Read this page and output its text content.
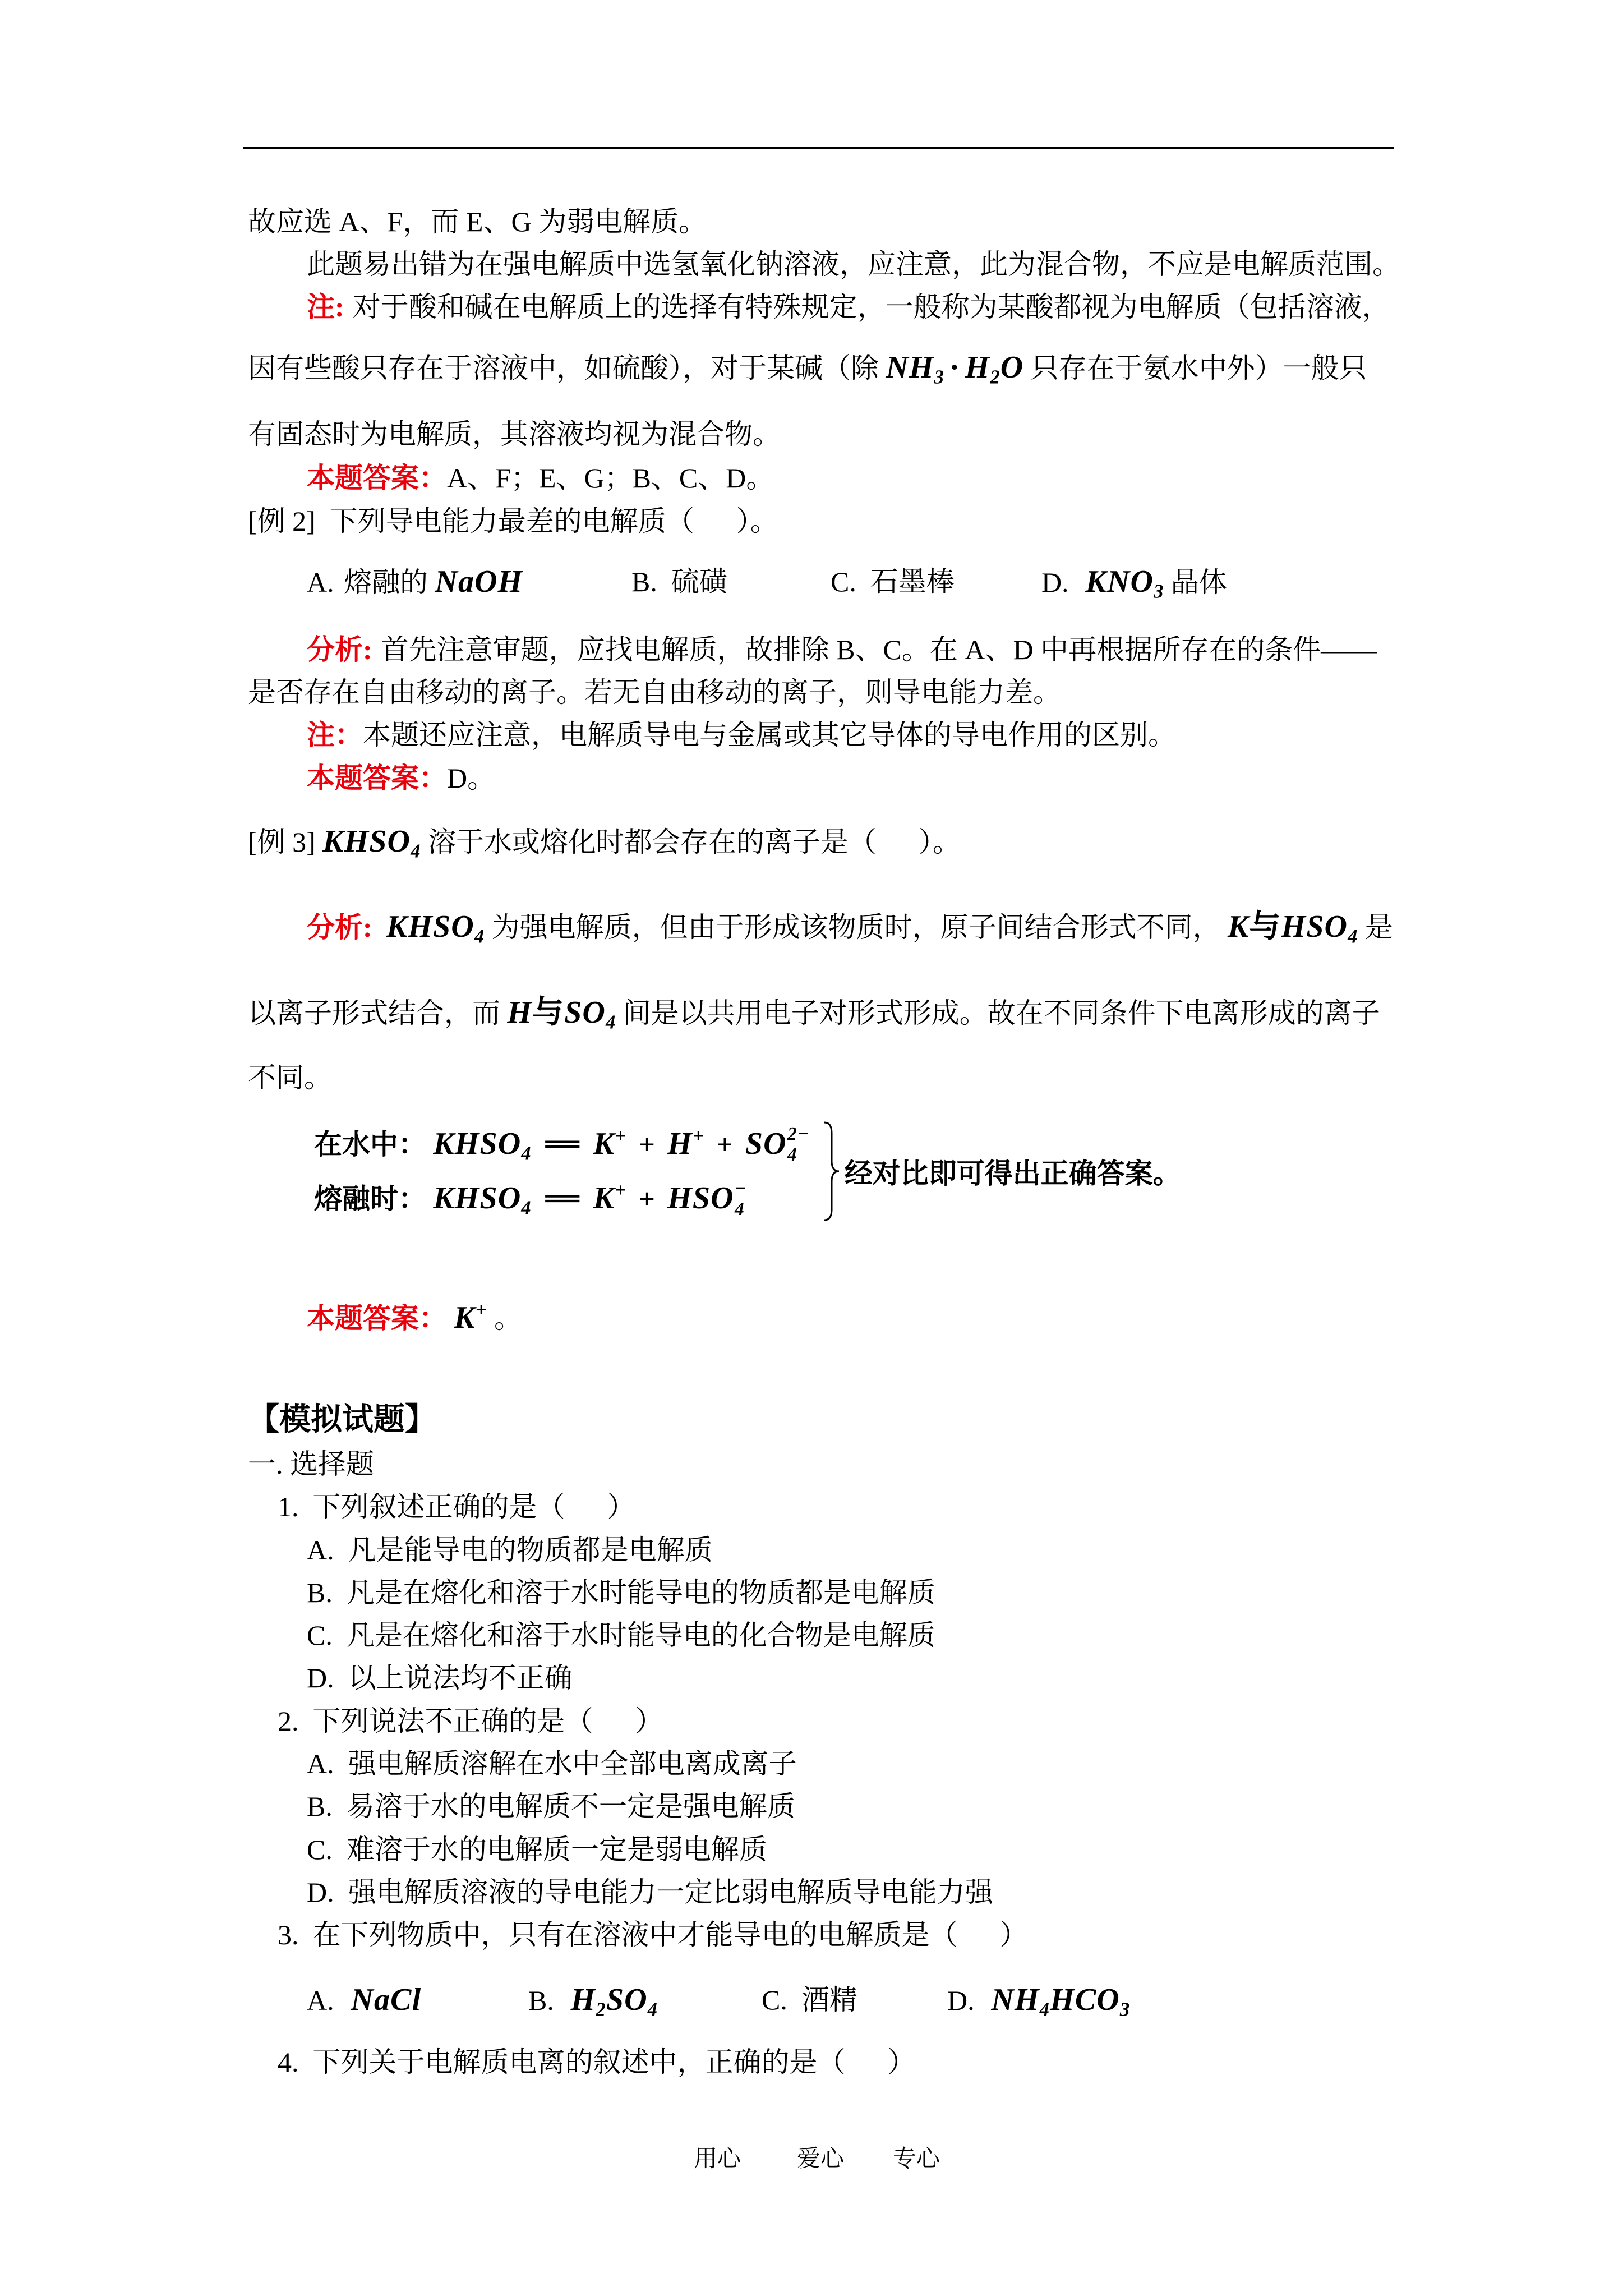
故应选 A、F，而 E、G 为弱电解质。
此题易出错为在强电解质中选氢氧化钠溶液，应注意，此为混合物，不应是电解质范围。
注: 对于酸和碱在电解质上的选择有特殊规定，一般称为某酸都视为电解质（包括溶液，
因有些酸只存在于溶液中，如硫酸），对于某碱（除 $NH_3 \cdot H_2O$ 只存在于氨水中外）一般只
有固态时为电解质，其溶液均视为混合物。
本题答案：A、F；E、G；B、C、D。
[例 2]  下列导电能力最差的电解质（      ）。
A. 熔融的 NaOH	B.  硫磺	C.  石墨棒	D. $KNO_3$ 晶体
分析: 首先注意审题，应找电解质，故排除 B、C。在 A、D 中再根据所存在的条件——
是否存在自由移动的离子。若无自由移动的离子，则导电能力差。
注：本题还应注意，电解质导电与金属或其它导体的导电作用的区别。
本题答案：D。
[例 3] $KHSO_4$ 溶于水或熔化时都会存在的离子是（      ）。
分析: $KHSO_4$ 为强电解质，但由于形成该物质时，原子间结合形式不同， K与$HSO_4$ 是
以离子形式结合，而 H与$SO_4$ 间是以共用电子对形式形成。故在不同条件下电离形成的离子
不同。
在水中： $KHSO_4$ ══ K+ + H+ + SO 2−
4
熔融时： $KHSO_4$ ══ K+ + HSO −
4
经对比即可得出正确答案。
本题答案： K+ 。
【模拟试题】
一. 选择题
1.  下列叙述正确的是（      ）
A.  凡是能导电的物质都是电解质
B.  凡是在熔化和溶于水时能导电的物质都是电解质
C.  凡是在熔化和溶于水时能导电的化合物是电解质
D.  以上说法均不正确
2.  下列说法不正确的是（      ）
A.  强电解质溶解在水中全部电离成离子
B.  易溶于水的电解质不一定是强电解质
C.  难溶于水的电解质一定是弱电解质
D.  强电解质溶液的导电能力一定比弱电解质导电能力强
3.  在下列物质中，只有在溶液中才能导电的电解质是（      ）
A. NaCl	B. $H_2SO_4$	C.  酒精	D. $NH_4HCO_3$
4.  下列关于电解质电离的叙述中，正确的是（      ）
用心 爱心 专心
